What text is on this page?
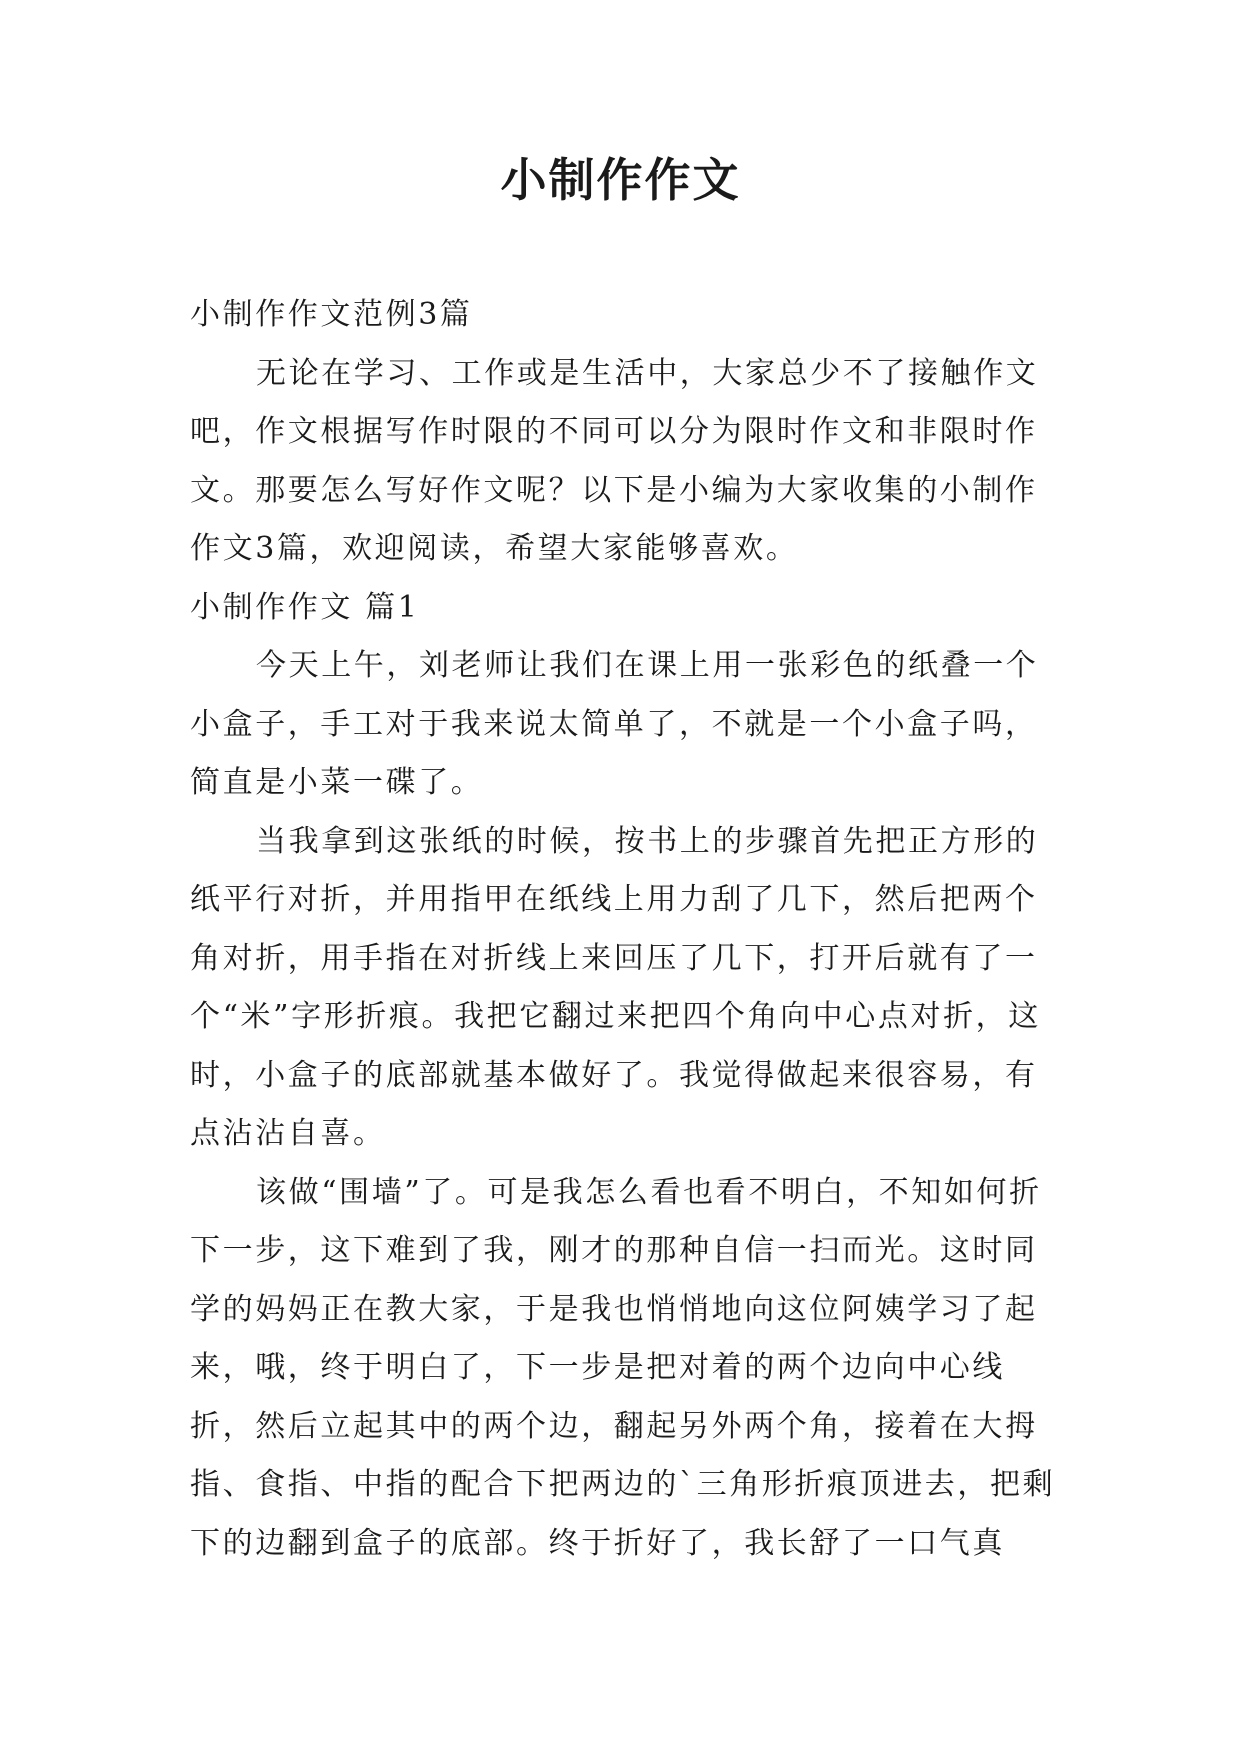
小制作作文

小制作作文范例3篇

无论在学习、工作或是生活中，大家总少不了接触作文吧，作文根据写作时限的不同可以分为限时作文和非限时作文。那要怎么写好作文呢？以下是小编为大家收集的小制作作文3篇，欢迎阅读，希望大家能够喜欢。

小制作作文 篇1

今天上午，刘老师让我们在课上用一张彩色的纸叠一个小盒子，手工对于我来说太简单了，不就是一个小盒子吗，简直是小菜一碟了。

当我拿到这张纸的时候，按书上的步骤首先把正方形的纸平行对折，并用指甲在纸线上用力刮了几下，然后把两个角对折，用手指在对折线上来回压了几下，打开后就有了一个“米”字形折痕。我把它翻过来把四个角向中心点对折，这时，小盒子的底部就基本做好了。我觉得做起来很容易，有点沾沾自喜。

该做“围墙”了。可是我怎么看也看不明白，不知如何折下一步，这下难到了我，刚才的那种自信一扫而光。这时同学的妈妈正在教大家，于是我也悄悄地向这位阿姨学习了起来，哦，终于明白了，下一步是把对着的两个边向中心线折，然后立起其中的两个边，翻起另外两个角，接着在大拇指、食指、中指的配合下把两边的`三角形折痕顶进去，把剩下的边翻到盒子的底部。终于折好了，我长舒了一口气真
